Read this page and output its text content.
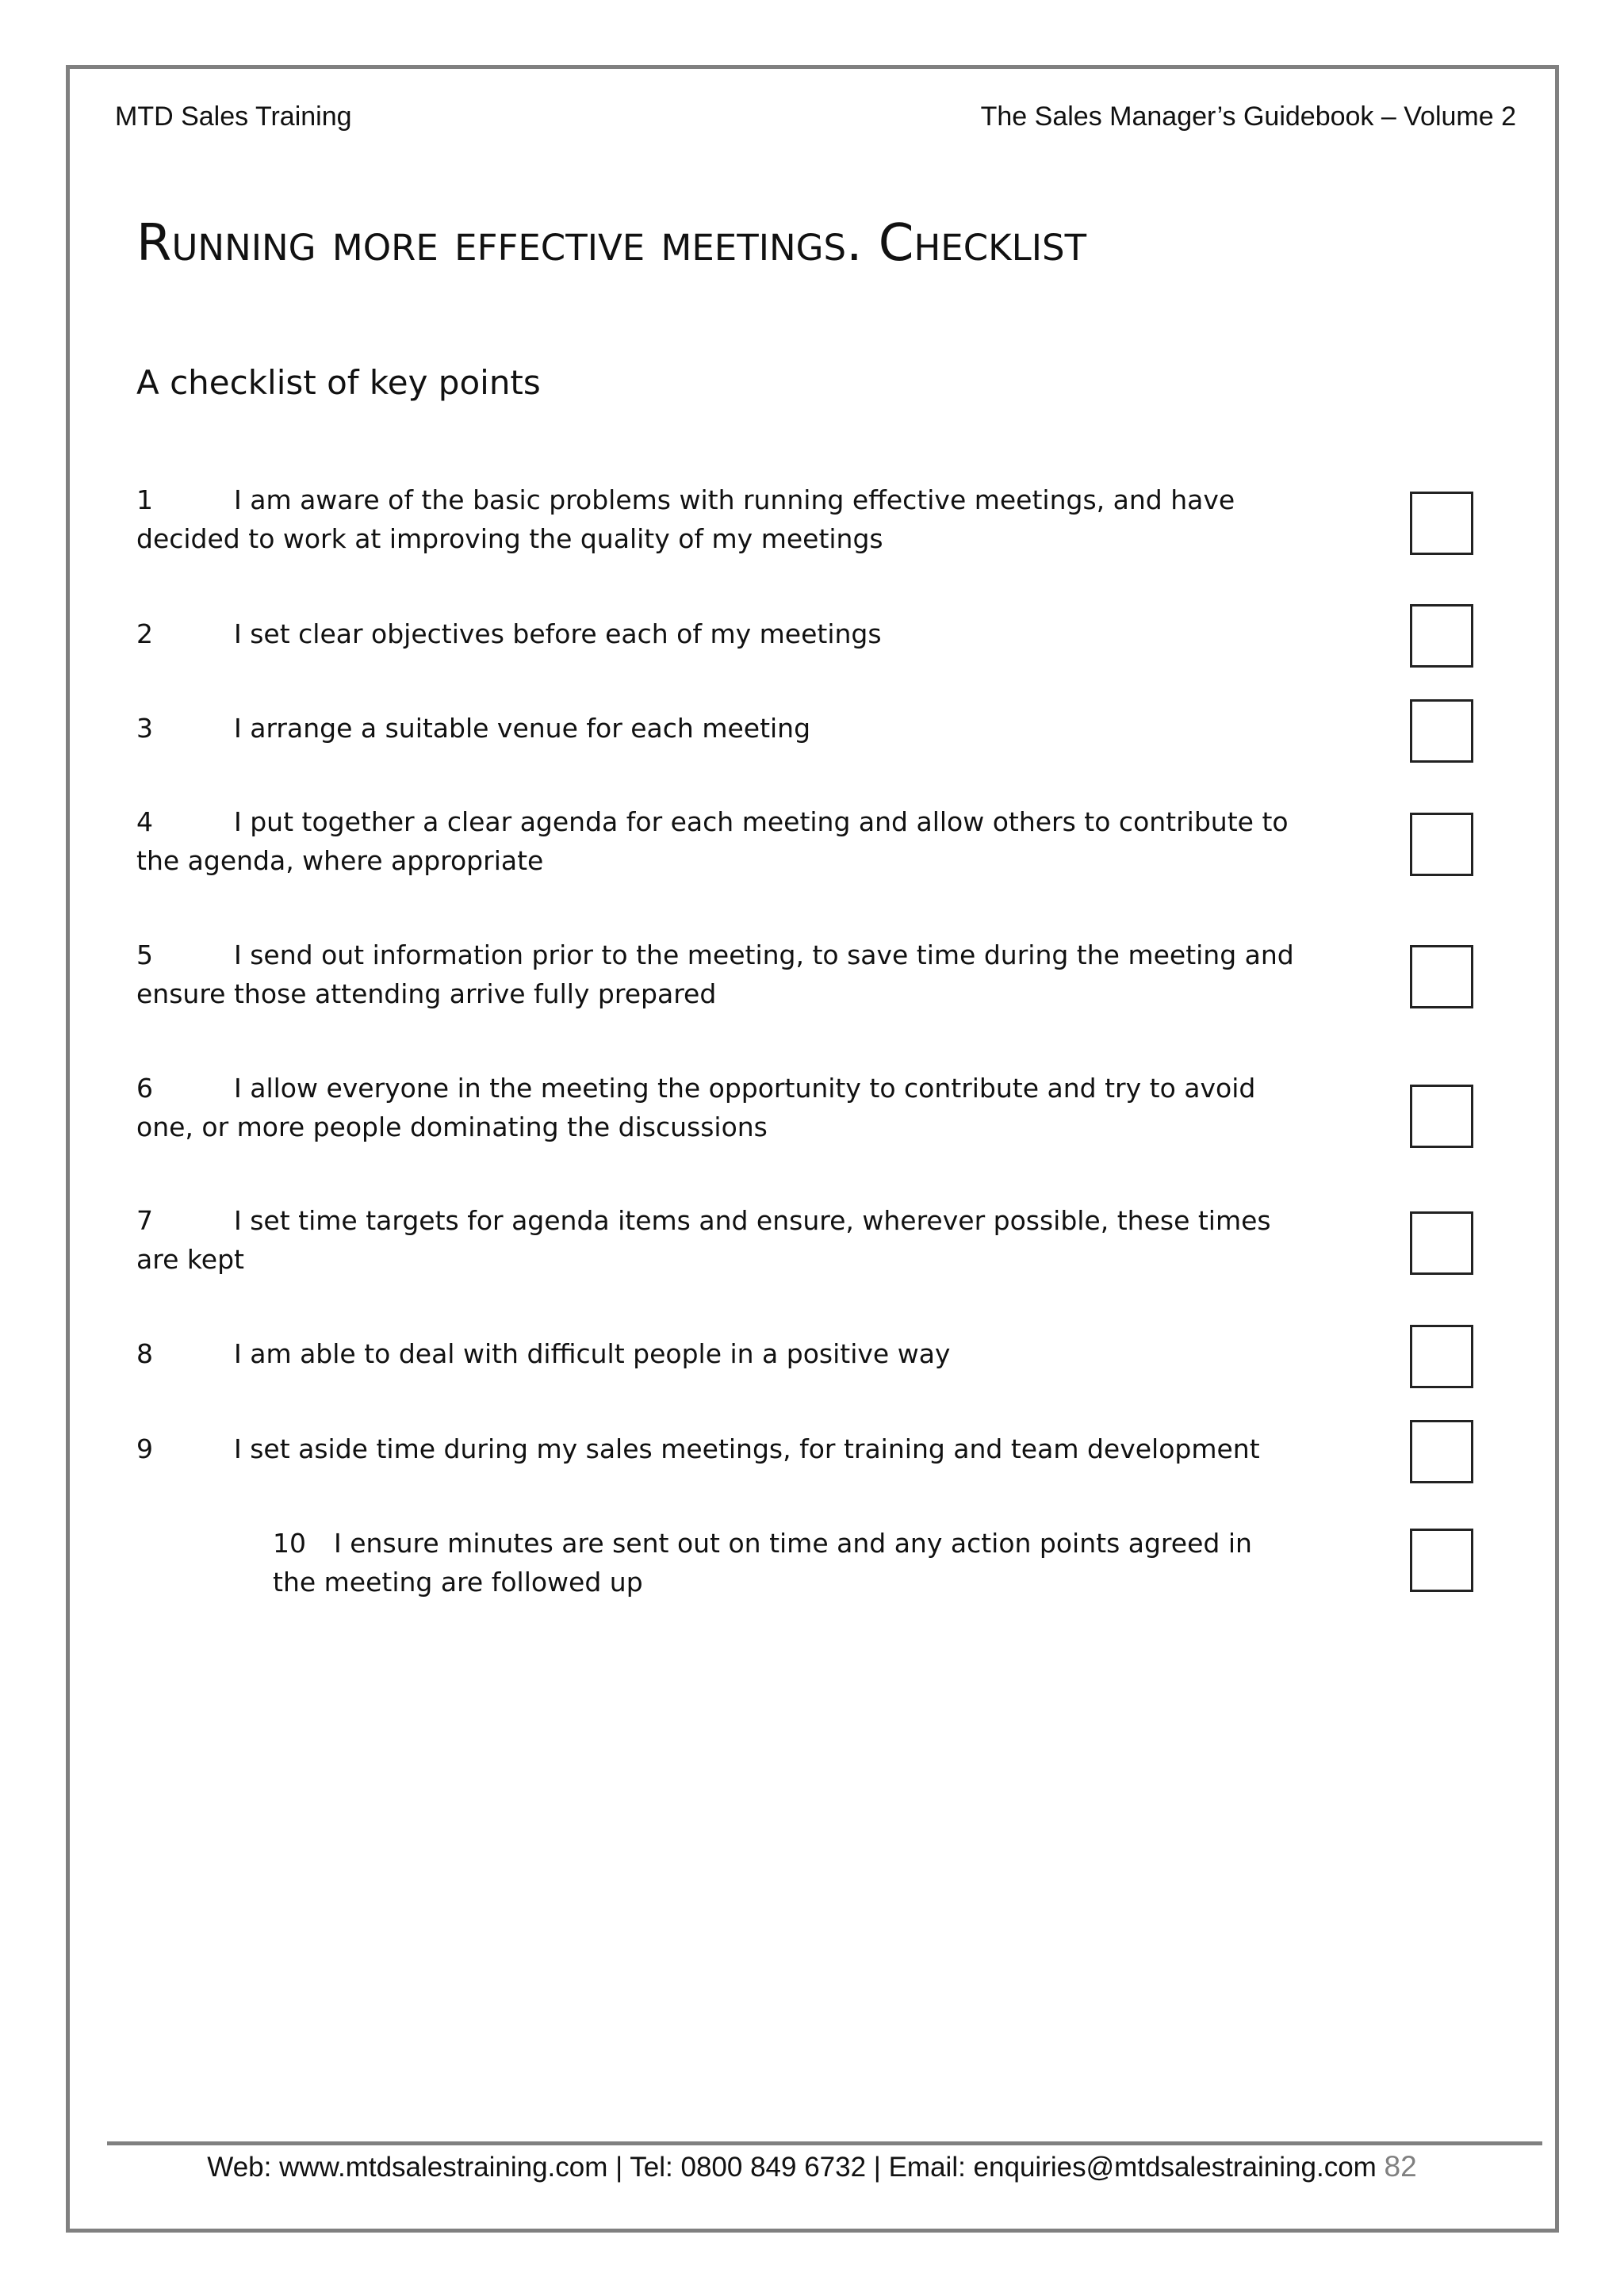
MTD Sales Training	The Sales Manager’s Guidebook – Volume 2
Running more effective meetings. Checklist
A checklist of key points
1	I am aware of the basic problems with running effective meetings, and have decided to work at improving the quality of my meetings
2	I set clear objectives before each of my meetings
3	I arrange a suitable venue for each meeting
4	I put together a clear agenda for each meeting and allow others to contribute to the agenda, where appropriate
5	I send out information prior to the meeting, to save time during the meeting and ensure those attending arrive fully prepared
6	I allow everyone in the meeting the opportunity to contribute and try to avoid one, or more people dominating the discussions
7	I set time targets for agenda items and ensure, wherever possible, these times are kept
8	I am able to deal with difficult people in a positive way
9	I set aside time during my sales meetings, for training and team development
10 I ensure minutes are sent out on time and any action points agreed in the meeting are followed up
Web: www.mtdsalestraining.com | Tel: 0800 849 6732 | Email: enquiries@mtdsalestraining.com 82
